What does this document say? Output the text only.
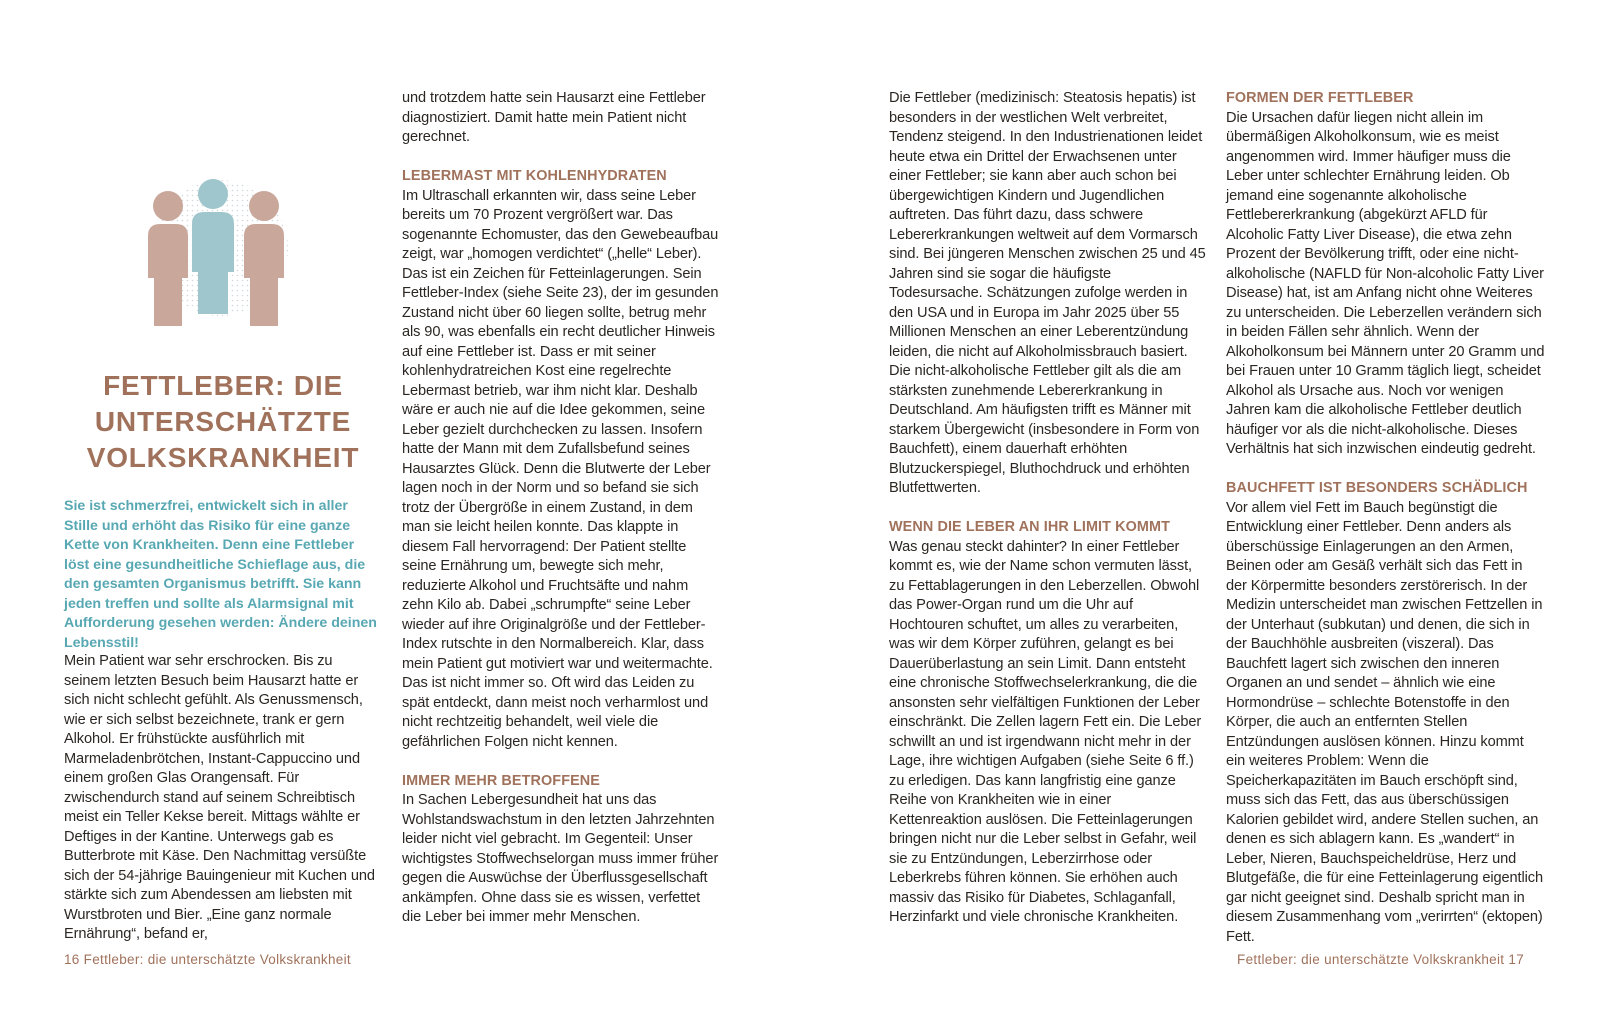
FETTLEBER: DIE
UNTERSCHÄTZTE
VOLKSKRANKHEIT

Sie ist schmerzfrei, entwickelt sich in aller Stille und erhöht das Risiko für eine ganze Kette von Krankheiten. Denn eine Fettleber löst eine gesundheitliche Schieflage aus, die den gesamten Organismus betrifft. Sie kann jeden treffen und sollte als Alarmsignal mit Aufforderung gesehen werden: Ändere deinen Lebensstil!

Mein Patient war sehr erschrocken. Bis zu seinem letzten Besuch beim Hausarzt hatte er sich nicht schlecht gefühlt. Als Genussmensch, wie er sich selbst bezeichnete, trank er gern Alkohol. Er frühstückte ausführlich mit Marmeladenbrötchen, Instant-Cappuccino und einem großen Glas Orangensaft. Für zwischendurch stand auf seinem Schreibtisch meist ein Teller Kekse bereit. Mittags wählte er Deftiges in der Kantine. Unterwegs gab es Butterbrote mit Käse. Den Nachmittag versüßte sich der 54-jährige Bauingenieur mit Kuchen und stärkte sich zum Abendessen am liebsten mit Wurstbroten und Bier. „Eine ganz normale Ernährung“, befand er,

und trotzdem hatte sein Hausarzt eine Fettleber diagnostiziert. Damit hatte mein Patient nicht gerechnet.

LEBERMAST MIT KOHLENHYDRATEN

Im Ultraschall erkannten wir, dass seine Leber bereits um 70 Prozent vergrößert war. Das sogenannte Echomuster, das den Gewebeaufbau zeigt, war „homogen verdichtet“ („helle“ Leber). Das ist ein Zeichen für Fetteinlagerungen. Sein Fettleber-Index (siehe Seite 23), der im gesunden Zustand nicht über 60 liegen sollte, betrug mehr als 90, was ebenfalls ein recht deutlicher Hinweis auf eine Fettleber ist. Dass er mit seiner kohlenhydratreichen Kost eine regelrechte Lebermast betrieb, war ihm nicht klar. Deshalb wäre er auch nie auf die Idee gekommen, seine Leber gezielt durchchecken zu lassen. Insofern hatte der Mann mit dem Zufallsbefund seines Hausarztes Glück. Denn die Blutwerte der Leber lagen noch in der Norm und so befand sie sich trotz der Übergröße in einem Zustand, in dem man sie leicht heilen konnte. Das klappte in diesem Fall hervorragend: Der Patient stellte seine Ernährung um, bewegte sich mehr, reduzierte Alkohol und Fruchtsäfte und nahm zehn Kilo ab. Dabei „schrumpfte“ seine Leber wieder auf ihre Originalgröße und der Fettleber-Index rutschte in den Normalbereich. Klar, dass mein Patient gut motiviert war und weitermachte. Das ist nicht immer so. Oft wird das Leiden zu spät entdeckt, dann meist noch verharmlost und nicht rechtzeitig behandelt, weil viele die gefährlichen Folgen nicht kennen.

IMMER MEHR BETROFFENE

In Sachen Lebergesundheit hat uns das Wohlstandswachstum in den letzten Jahrzehnten leider nicht viel gebracht. Im Gegenteil: Unser wichtigstes Stoffwechselorgan muss immer früher gegen die Auswüchse der Überflussgesellschaft ankämpfen. Ohne dass sie es wissen, verfettet die Leber bei immer mehr Menschen.

16 Fettleber: die unterschätzte Volkskrankheit

Die Fettleber (medizinisch: Steatosis hepatis) ist besonders in der westlichen Welt verbreitet, Tendenz steigend. In den Industrienationen leidet heute etwa ein Drittel der Erwachsenen unter einer Fettleber; sie kann aber auch schon bei übergewichtigen Kindern und Jugendlichen auftreten. Das führt dazu, dass schwere Lebererkrankungen weltweit auf dem Vormarsch sind. Bei jüngeren Menschen zwischen 25 und 45 Jahren sind sie sogar die häufigste Todesursache. Schätzungen zufolge werden in den USA und in Europa im Jahr 2025 über 55 Millionen Menschen an einer Leberentzündung leiden, die nicht auf Alkoholmissbrauch basiert. Die nicht-alkoholische Fettleber gilt als die am stärksten zunehmende Lebererkrankung in Deutschland. Am häufigsten trifft es Männer mit starkem Übergewicht (insbesondere in Form von Bauchfett), einem dauerhaft erhöhten Blutzuckerspiegel, Bluthochdruck und erhöhten Blutfettwerten.

WENN DIE LEBER AN IHR LIMIT KOMMT

Was genau steckt dahinter? In einer Fettleber kommt es, wie der Name schon vermuten lässt, zu Fettablagerungen in den Leberzellen. Obwohl das Power-Organ rund um die Uhr auf Hochtouren schuftet, um alles zu verarbeiten, was wir dem Körper zuführen, gelangt es bei Dauerüberlastung an sein Limit. Dann entsteht eine chronische Stoffwechselerkrankung, die die ansonsten sehr vielfältigen Funktionen der Leber einschränkt. Die Zellen lagern Fett ein. Die Leber schwillt an und ist irgendwann nicht mehr in der Lage, ihre wichtigen Aufgaben (siehe Seite 6 ff.) zu erledigen. Das kann langfristig eine ganze Reihe von Krankheiten wie in einer Kettenreaktion auslösen. Die Fetteinlagerungen bringen nicht nur die Leber selbst in Gefahr, weil sie zu Entzündungen, Leberzirrhose oder Leberkrebs führen können. Sie erhöhen auch massiv das Risiko für Diabetes, Schlaganfall, Herzinfarkt und viele chronische Krankheiten.

FORMEN DER FETTLEBER

Die Ursachen dafür liegen nicht allein im übermäßigen Alkoholkonsum, wie es meist angenommen wird. Immer häufiger muss die Leber unter schlechter Ernährung leiden. Ob jemand eine sogenannte alkoholische Fettlebererkrankung (abgekürzt AFLD für Alcoholic Fatty Liver Disease), die etwa zehn Prozent der Bevölkerung trifft, oder eine nicht-alkoholische (NAFLD für Non-alcoholic Fatty Liver Disease) hat, ist am Anfang nicht ohne Weiteres zu unterscheiden. Die Leberzellen verändern sich in beiden Fällen sehr ähnlich. Wenn der Alkoholkonsum bei Männern unter 20 Gramm und bei Frauen unter 10 Gramm täglich liegt, scheidet Alkohol als Ursache aus. Noch vor wenigen Jahren kam die alkoholische Fettleber deutlich häufiger vor als die nicht-alkoholische. Dieses Verhältnis hat sich inzwischen eindeutig gedreht.

BAUCHFETT IST BESONDERS SCHÄDLICH

Vor allem viel Fett im Bauch begünstigt die Entwicklung einer Fettleber. Denn anders als überschüssige Einlagerungen an den Armen, Beinen oder am Gesäß verhält sich das Fett in der Körpermitte besonders zerstörerisch. In der Medizin unterscheidet man zwischen Fettzellen in der Unterhaut (subkutan) und denen, die sich in der Bauchhöhle ausbreiten (viszeral). Das Bauchfett lagert sich zwischen den inneren Organen an und sendet – ähnlich wie eine Hormondrüse – schlechte Botenstoffe in den Körper, die auch an entfernten Stellen Entzündungen auslösen können. Hinzu kommt ein weiteres Problem: Wenn die Speicherkapazitäten im Bauch erschöpft sind, muss sich das Fett, das aus überschüssigen Kalorien gebildet wird, andere Stellen suchen, an denen es sich ablagern kann. Es „wandert“ in Leber, Nieren, Bauchspeicheldrüse, Herz und Blutgefäße, die für eine Fetteinlagerung eigentlich gar nicht geeignet sind. Deshalb spricht man in diesem Zusammenhang vom „verirrten“ (ektopen) Fett.

Fettleber: die unterschätzte Volkskrankheit 17
